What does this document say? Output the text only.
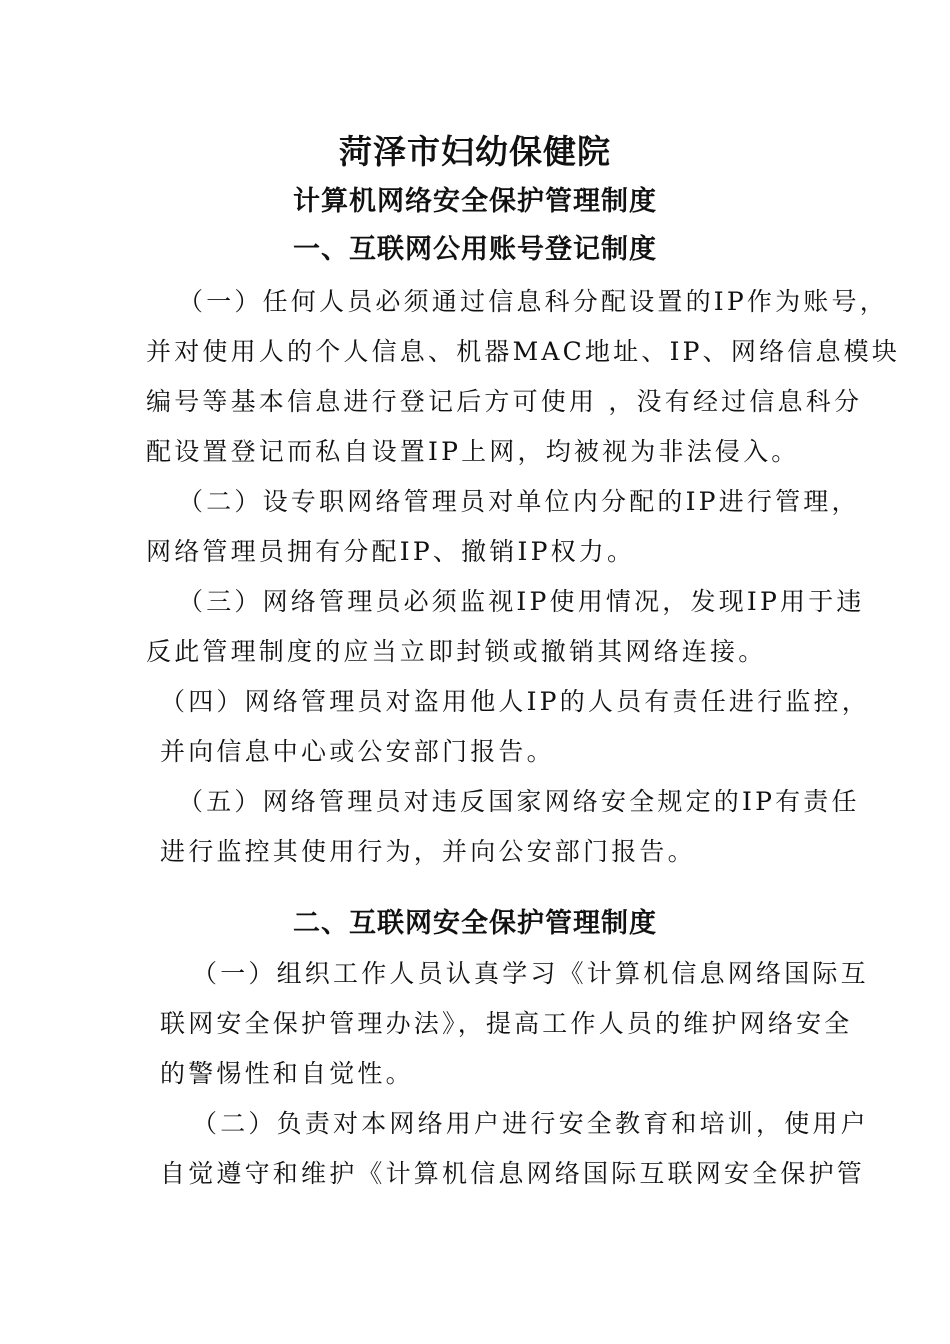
菏泽市妇幼保健院
计算机网络安全保护管理制度
一、互联网公用账号登记制度
（一）任何人员必须通过信息科分配设置的IP作为账号，
并对使用人的个人信息、机器MAC地址、IP、网络信息模块
编号等基本信息进行登记后方可使用 ，没有经过信息科分
配设置登记而私自设置IP上网，均被视为非法侵入。
（二）设专职网络管理员对单位内分配的IP进行管理，
网络管理员拥有分配IP、撤销IP权力。
（三）网络管理员必须监视IP使用情况，发现IP用于违
反此管理制度的应当立即封锁或撤销其网络连接。
（四）网络管理员对盗用他人IP的人员有责任进行监控，
并向信息中心或公安部门报告。
（五）网络管理员对违反国家网络安全规定的IP有责任
进行监控其使用行为，并向公安部门报告。
二、互联网安全保护管理制度
（一）组织工作人员认真学习《计算机信息网络国际互
联网安全保护管理办法》，提高工作人员的维护网络安全
的警惕性和自觉性。
（二）负责对本网络用户进行安全教育和培训，使用户
自觉遵守和维护《计算机信息网络国际互联网安全保护管
